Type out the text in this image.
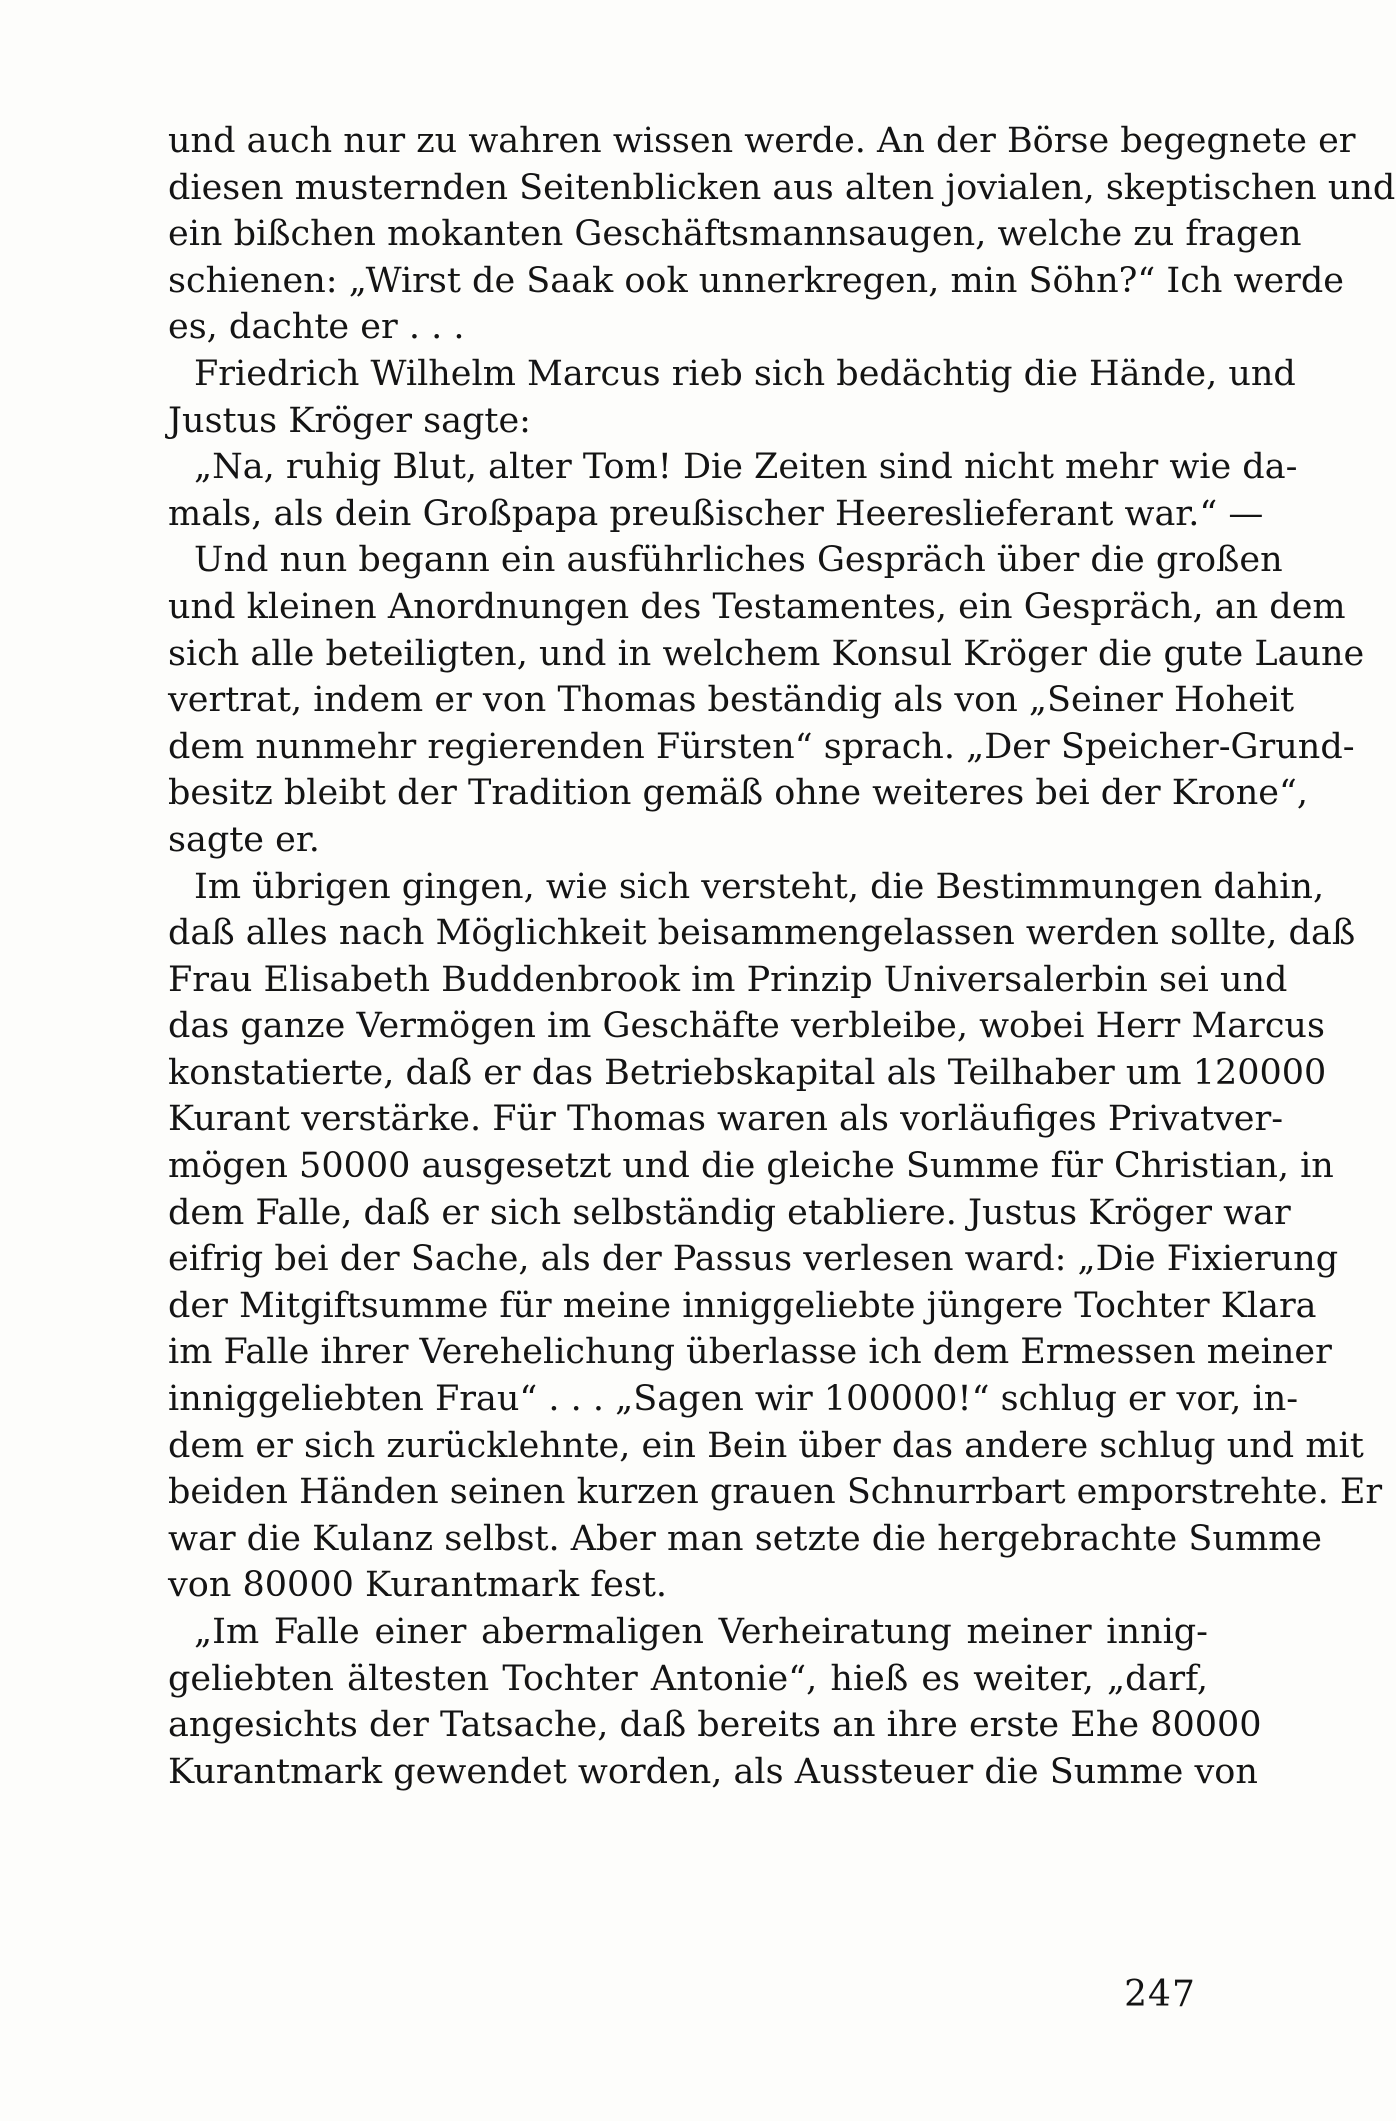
und auch nur zu wahren wissen werde. An der Börse begegnete er
diesen musternden Seitenblicken aus alten jovialen, skeptischen und
ein bißchen mokanten Geschäftsmannsaugen, welche zu fragen
schienen: „Wirst de Saak ook unnerkregen, min Söhn?“ Ich werde
es, dachte er . . .
Friedrich Wilhelm Marcus rieb sich bedächtig die Hände, und
Justus Kröger sagte:
„Na, ruhig Blut, alter Tom! Die Zeiten sind nicht mehr wie da-
mals, als dein Großpapa preußischer Heereslieferant war.“ —
Und nun begann ein ausführliches Gespräch über die großen
und kleinen Anordnungen des Testamentes, ein Gespräch, an dem
sich alle beteiligten, und in welchem Konsul Kröger die gute Laune
vertrat, indem er von Thomas beständig als von „Seiner Hoheit
dem nunmehr regierenden Fürsten“ sprach. „Der Speicher-Grund-
besitz bleibt der Tradition gemäß ohne weiteres bei der Krone“,
sagte er.
Im übrigen gingen, wie sich versteht, die Bestimmungen dahin,
daß alles nach Möglichkeit beisammengelassen werden sollte, daß
Frau Elisabeth Buddenbrook im Prinzip Universalerbin sei und
das ganze Vermögen im Geschäfte verbleibe, wobei Herr Marcus
konstatierte, daß er das Betriebskapital als Teilhaber um 120000
Kurant verstärke. Für Thomas waren als vorläufiges Privatver-
mögen 50000 ausgesetzt und die gleiche Summe für Christian, in
dem Falle, daß er sich selbständig etabliere. Justus Kröger war
eifrig bei der Sache, als der Passus verlesen ward: „Die Fixierung
der Mitgiftsumme für meine inniggeliebte jüngere Tochter Klara
im Falle ihrer Verehelichung überlasse ich dem Ermessen meiner
inniggeliebten Frau“ . . . „Sagen wir 100000!“ schlug er vor, in-
dem er sich zurücklehnte, ein Bein über das andere schlug und mit
beiden Händen seinen kurzen grauen Schnurrbart emporstrehte. Er
war die Kulanz selbst. Aber man setzte die hergebrachte Summe
von 80000 Kurantmark fest.
„Im Falle einer abermaligen Verheiratung meiner innig-
geliebten ältesten Tochter Antonie“, hieß es weiter, „darf,
angesichts der Tatsache, daß bereits an ihre erste Ehe 80000
Kurantmark gewendet worden, als Aussteuer die Summe von
247
